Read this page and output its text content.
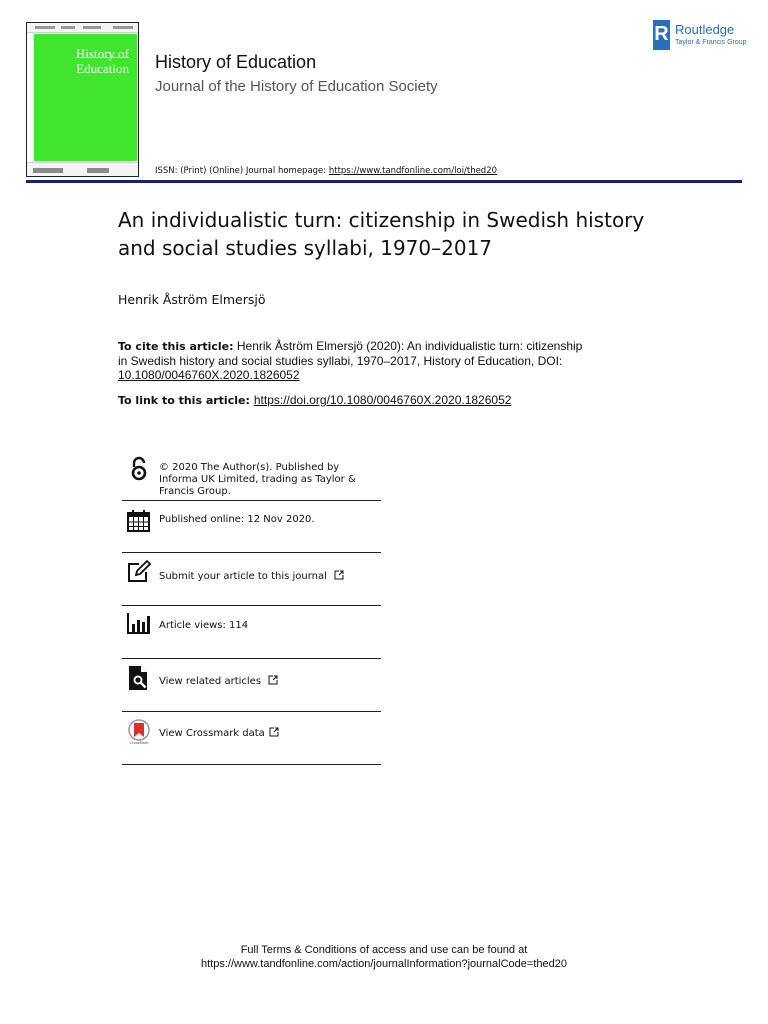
History of Education History of Education
Journal of the History of Education Society
ISSN: (Print) (Online) Journal homepage: https://www.tandfonline.com/loi/thed20
R Routledge
Taylor & Francis Group
An individualistic turn: citizenship in Swedish history and social studies syllabi, 1970–2017
Henrik Åström Elmersjö
To cite this article: Henrik Åström Elmersjö (2020): An individualistic turn: citizenship in Swedish history and social studies syllabi, 1970–2017, History of Education, DOI: 10.1080/0046760X.2020.1826052
To link to this article: https://doi.org/10.1080/0046760X.2020.1826052
© 2020 The Author(s). Published by Informa UK Limited, trading as Taylor & Francis Group.
Published online: 12 Nov 2020.
Submit your article to this journal
Article views: 114
View related articles
CrossMark
View Crossmark data
Full Terms & Conditions of access and use can be found at
https://www.tandfonline.com/action/journalInformation?journalCode=thed20
